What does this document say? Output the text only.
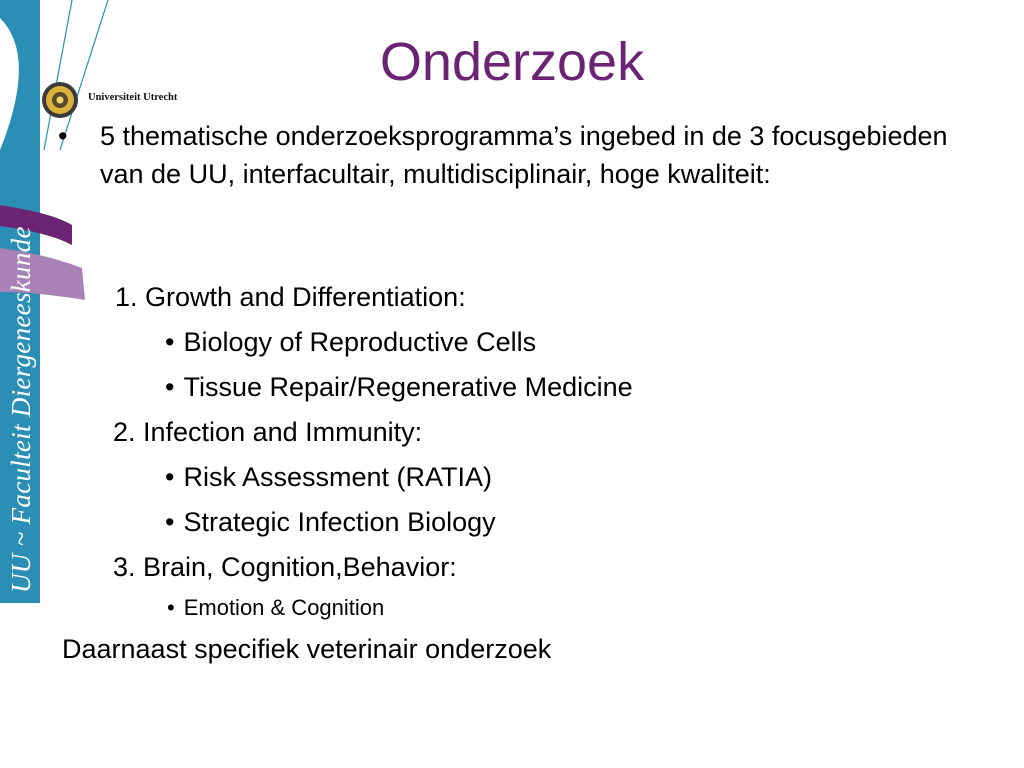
UU ~ Faculteit Diergeneeskunde
Universiteit Utrecht
Onderzoek
• 5 thematische onderzoeksprogramma’s ingebed in de 3 focusgebieden van de UU, interfacultair, multidisciplinair, hoge kwaliteit:
1. Growth and Differentiation:
• Biology of Reproductive Cells
• Tissue Repair/Regenerative Medicine
2. Infection and Immunity:
• Risk Assessment (RATIA)
• Strategic Infection Biology
3. Brain, Cognition,Behavior:
• Emotion & Cognition
Daarnaast specifiek veterinair onderzoek
